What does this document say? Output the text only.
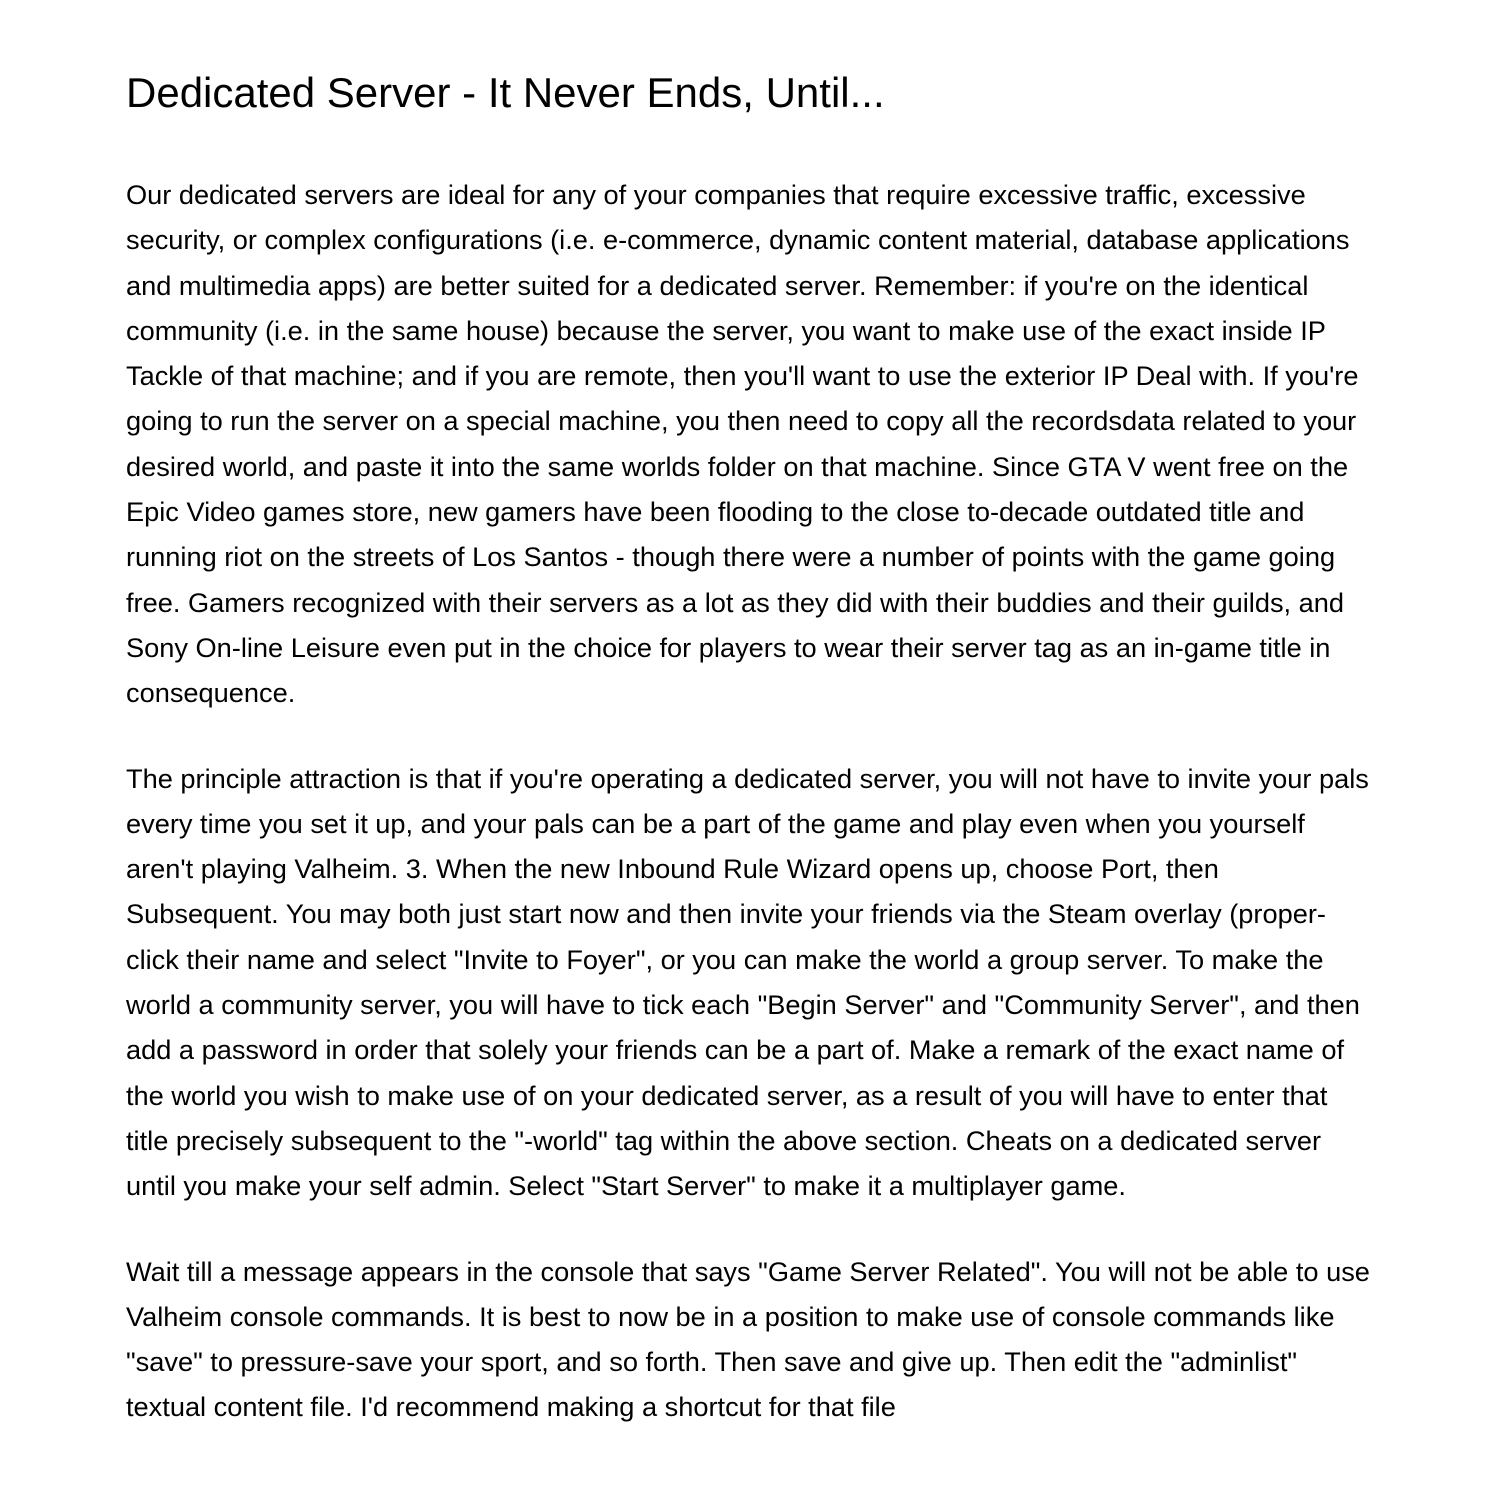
Dedicated Server - It Never Ends, Until...

Our dedicated servers are ideal for any of your companies that require excessive traffic, excessive security, or complex configurations (i.e. e-commerce, dynamic content material, database applications and multimedia apps) are better suited for a dedicated server. Remember: if you're on the identical community (i.e. in the same house) because the server, you want to make use of the exact inside IP Tackle of that machine; and if you are remote, then you'll want to use the exterior IP Deal with. If you're going to run the server on a special machine, you then need to copy all the recordsdata related to your desired world, and paste it into the same worlds folder on that machine. Since GTA V went free on the Epic Video games store, new gamers have been flooding to the close to-decade outdated title and running riot on the streets of Los Santos - though there were a number of points with the game going free. Gamers recognized with their servers as a lot as they did with their buddies and their guilds, and Sony On-line Leisure even put in the choice for players to wear their server tag as an in-game title in consequence.

The principle attraction is that if you're operating a dedicated server, you will not have to invite your pals every time you set it up, and your pals can be a part of the game and play even when you yourself aren't playing Valheim. 3. When the new Inbound Rule Wizard opens up, choose Port, then Subsequent. You may both just start now and then invite your friends via the Steam overlay (proper-click their name and select "Invite to Foyer", or you can make the world a group server. To make the world a community server, you will have to tick each "Begin Server" and "Community Server", and then add a password in order that solely your friends can be a part of. Make a remark of the exact name of the world you wish to make use of on your dedicated server, as a result of you will have to enter that title precisely subsequent to the "-world" tag within the above section. Cheats on a dedicated server until you make your self admin. Select "Start Server" to make it a multiplayer game.

Wait till a message appears in the console that says "Game Server Related". You will not be able to use Valheim console commands. It is best to now be in a position to make use of console commands like "save" to pressure-save your sport, and so forth. Then save and give up. Then edit the "adminlist" textual content file. I'd recommend making a shortcut for that file
